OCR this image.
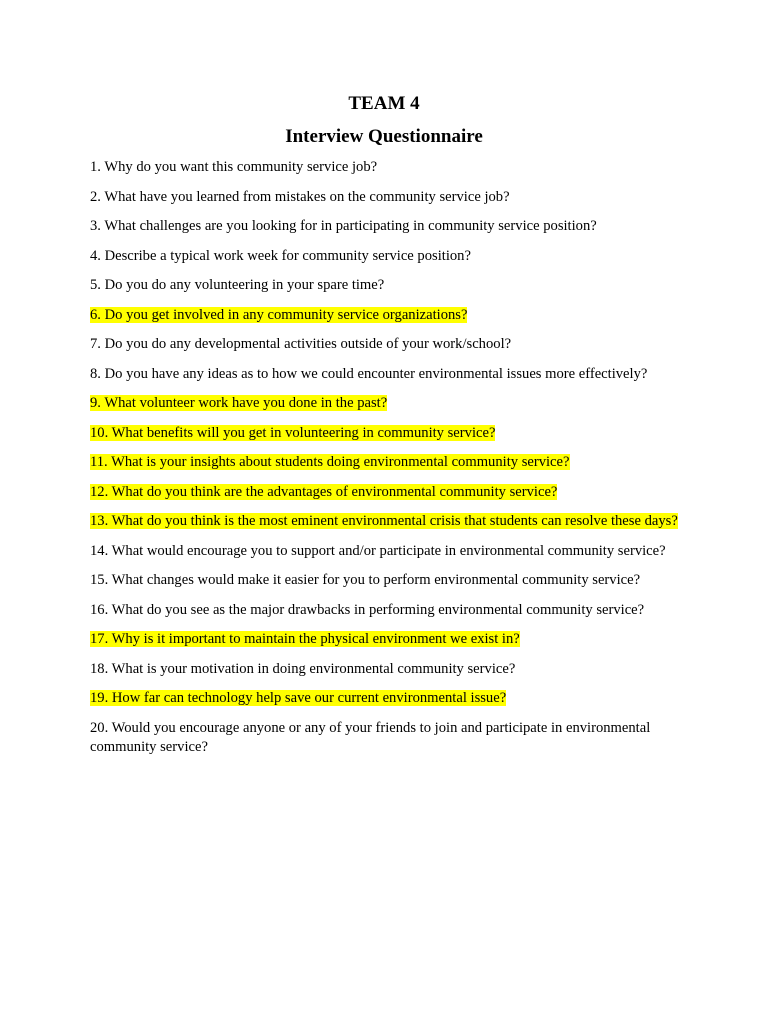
TEAM 4
Interview Questionnaire
1. Why do you want this community service job?
2. What have you learned from mistakes on the community service job?
3. What challenges are you looking for in participating in community service position?
4. Describe a typical work week for community service position?
5. Do you do any volunteering in your spare time?
6. Do you get involved in any community service organizations?
7. Do you do any developmental activities outside of your work/school?
8. Do you have any ideas as to how we could encounter environmental issues more effectively?
9. What volunteer work have you done in the past?
10. What benefits will you get in volunteering in community service?
11. What is your insights about students doing environmental community service?
12. What do you think are the advantages of environmental community service?
13. What do you think is the most eminent environmental crisis that students can resolve these days?
14. What would encourage you to support and/or participate in environmental community service?
15. What changes would make it easier for you to perform environmental community service?
16. What do you see as the major drawbacks in performing environmental community service?
17. Why is it important to maintain the physical environment we exist in?
18. What is your motivation in doing environmental community service?
19. How far can technology help save our current environmental issue?
20. Would you encourage anyone or any of your friends to join and participate in environmental community service?
